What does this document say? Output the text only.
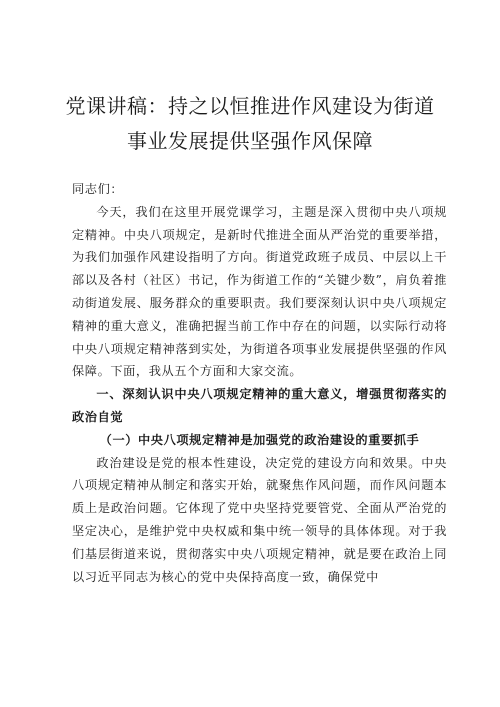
党课讲稿：持之以恒推进作风建设为街道
事业发展提供坚强作风保障

同志们：

今天，我们在这里开展党课学习，主题是深入贯彻中央八项规定精神。中央八项规定，是新时代推进全面从严治党的重要举措，为我们加强作风建设指明了方向。街道党政班子成员、中层以上干部以及各村（社区）书记，作为街道工作的“关键少数”，肩负着推动街道发展、服务群众的重要职责。我们要深刻认识中央八项规定精神的重大意义，准确把握当前工作中存在的问题，以实际行动将中央八项规定精神落到实处，为街道各项事业发展提供坚强的作风保障。下面，我从五个方面和大家交流。

一、深刻认识中央八项规定精神的重大意义，增强贯彻落实的政治自觉

（一）中央八项规定精神是加强党的政治建设的重要抓手

政治建设是党的根本性建设，决定党的建设方向和效果。中央八项规定精神从制定和落实开始，就聚焦作风问题，而作风问题本质上是政治问题。它体现了党中央坚持党要管党、全面从严治党的坚定决心，是维护党中央权威和集中统一领导的具体体现。对于我们基层街道来说，贯彻落实中央八项规定精神，就是要在政治上同以习近平同志为核心的党中央保持高度一致，确保党中
